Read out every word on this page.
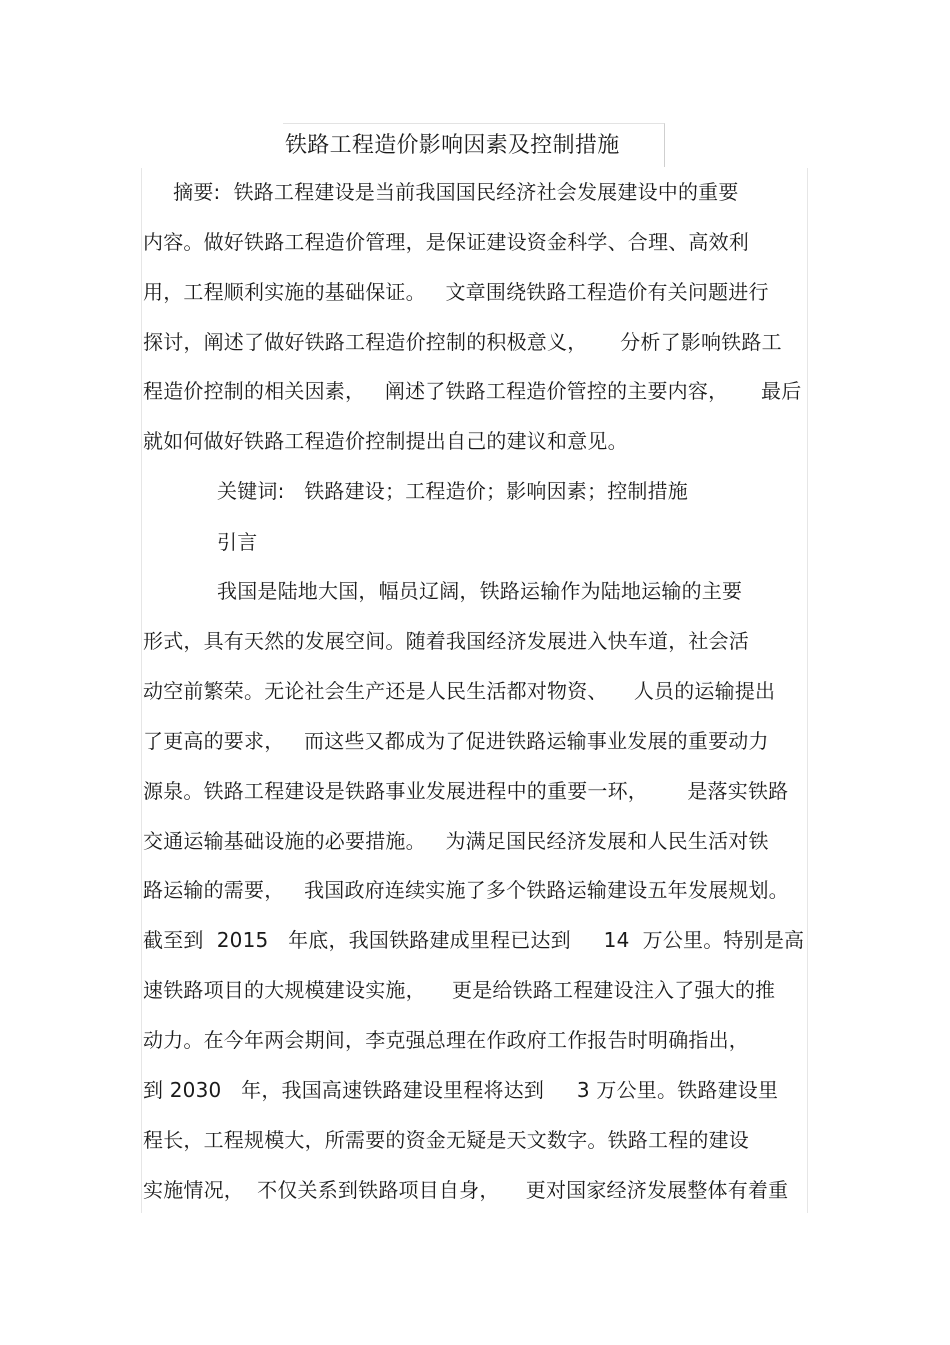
铁路工程造价影响因素及控制措施
摘要:  铁路工程建设是当前我国国民经济社会发展建设中的重要
内容。做好铁路工程造价管理，是保证建设资金科学、合理、高效利
用，工程顺利实施的基础保证。   文章围绕铁路工程造价有关问题进行
探讨，阐述了做好铁路工程造价控制的积极意义，     分析了影响铁路工
程造价控制的相关因素，   阐述了铁路工程造价管控的主要内容，     最后
就如何做好铁路工程造价控制提出自己的建议和意见。
关键词:   铁路建设；工程造价；影响因素；控制措施
引言
我国是陆地大国，幅员辽阔，铁路运输作为陆地运输的主要
形式，具有天然的发展空间。随着我国经济发展进入快车道，社会活
动空前繁荣。无论社会生产还是人民生活都对物资、    人员的运输提出
了更高的要求，   而这些又都成为了促进铁路运输事业发展的重要动力
源泉。铁路工程建设是铁路事业发展进程中的重要一环，      是落实铁路
交通运输基础设施的必要措施。   为满足国民经济发展和人民生活对铁
路运输的需要，   我国政府连续实施了多个铁路运输建设五年发展规划。
截至到  2015   年底，我国铁路建成里程已达到     14  万公里。特别是高
速铁路项目的大规模建设实施，    更是给铁路工程建设注入了强大的推
动力。在今年两会期间，李克强总理在作政府工作报告时明确指出，
到 2030   年，我国高速铁路建设里程将达到     3 万公里。铁路建设里
程长，工程规模大，所需要的资金无疑是天文数字。铁路工程的建设
实施情况，  不仅关系到铁路项目自身，    更对国家经济发展整体有着重
